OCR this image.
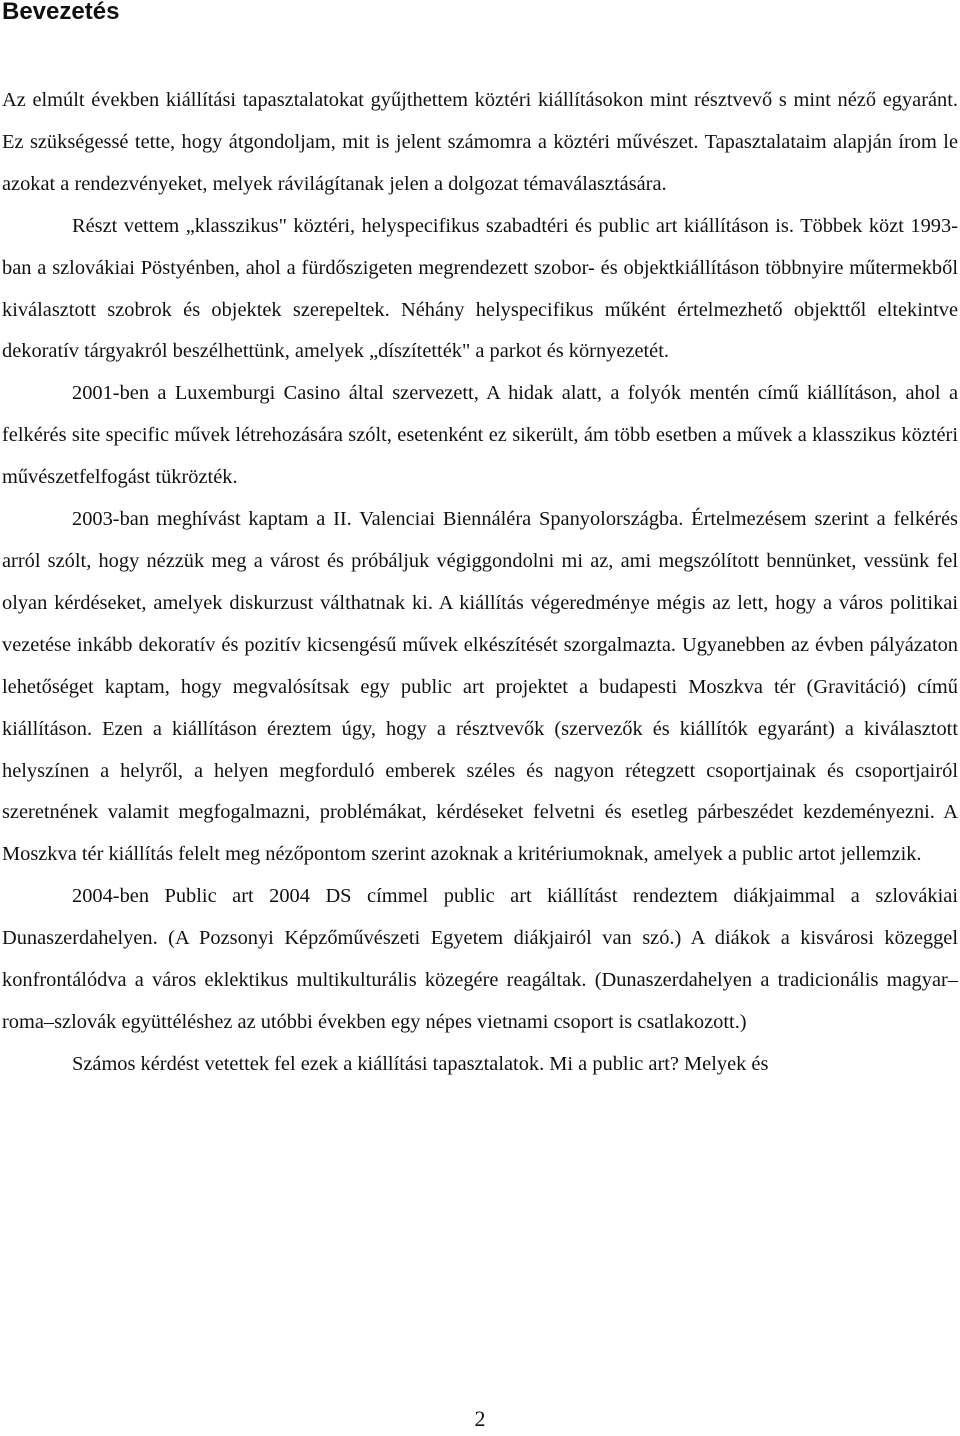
Bevezetés

Az elmúlt években kiállítási tapasztalatokat gyűjthettem köztéri kiállításokon mint résztvevő s mint néző egyaránt. Ez szükségessé tette, hogy átgondoljam, mit is jelent számomra a köztéri művészet. Tapasztalataim alapján írom le azokat a rendezvényeket, melyek rávilágítanak jelen a dolgozat témaválasztására.

Részt vettem „klasszikus" köztéri, helyspecifikus szabadtéri és public art kiállításon is. Többek közt 1993-ban a szlovákiai Pöstyénben, ahol a fürdőszigeten megrendezett szobor- és objektkiállításon többnyire műtermekből kiválasztott szobrok és objektek szerepeltek. Néhány helyspecifikus műként értelmezhető objekttől eltekintve dekoratív tárgyakról beszélhettünk, amelyek „díszítették" a parkot és környezetét.

2001-ben a Luxemburgi Casino által szervezett, A hidak alatt, a folyók mentén című kiállításon, ahol a felkérés site specific művek létrehozására szólt, esetenként ez sikerült, ám több esetben a művek a klasszikus köztéri művészetfelfogást tükrözték.

2003-ban meghívást kaptam a II. Valenciai Biennáléra Spanyolországba. Értelmezésem szerint a felkérés arról szólt, hogy nézzük meg a várost és próbáljuk végiggondolni mi az, ami megszólított bennünket, vessünk fel olyan kérdéseket, amelyek diskurzust válthatnak ki. A kiállítás végeredménye mégis az lett, hogy a város politikai vezetése inkább dekoratív és pozitív kicsengésű művek elkészítését szorgalmazta. Ugyanebben az évben pályázaton lehetőséget kaptam, hogy megvalósítsak egy public art projektet a budapesti Moszkva tér (Gravitáció) című kiállításon. Ezen a kiállításon éreztem úgy, hogy a résztvevők (szervezők és kiállítók egyaránt) a kiválasztott helyszínen a helyről, a helyen megforduló emberek széles és nagyon rétegzett csoportjainak és csoportjairól szeretnének valamit megfogalmazni, problémákat, kérdéseket felvetni és esetleg párbeszédet kezdeményezni. A Moszkva tér kiállítás felelt meg nézőpontom szerint azoknak a kritériumoknak, amelyek a public artot jellemzik.

2004-ben Public art 2004 DS címmel public art kiállítást rendeztem diákjaimmal a szlovákiai Dunaszerdahelyen. (A Pozsonyi Képzőművészeti Egyetem diákjairól van szó.) A diákok a kisvárosi közeggel konfrontálódva a város eklektikus multikulturális közegére reagáltak. (Dunaszerdahelyen a tradicionális magyar–roma–szlovák együttéléshez az utóbbi években egy népes vietnami csoport is csatlakozott.)

Számos kérdést vetettek fel ezek a kiállítási tapasztalatok. Mi a public art? Melyek és

2
